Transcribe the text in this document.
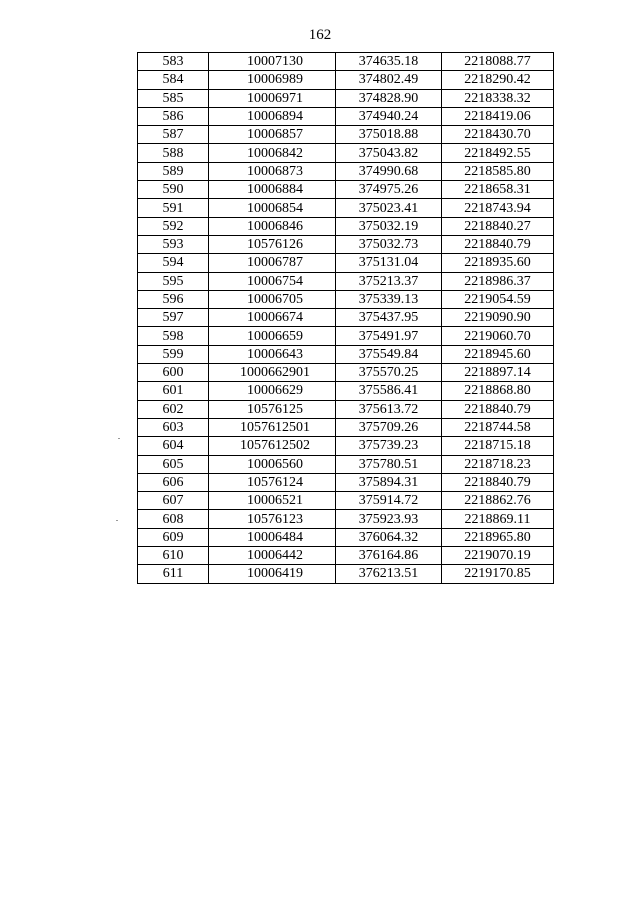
162
583	10007130	374635.18	2218088.77
584	10006989	374802.49	2218290.42
585	10006971	374828.90	2218338.32
586	10006894	374940.24	2218419.06
587	10006857	375018.88	2218430.70
588	10006842	375043.82	2218492.55
589	10006873	374990.68	2218585.80
590	10006884	374975.26	2218658.31
591	10006854	375023.41	2218743.94
592	10006846	375032.19	2218840.27
593	10576126	375032.73	2218840.79
594	10006787	375131.04	2218935.60
595	10006754	375213.37	2218986.37
596	10006705	375339.13	2219054.59
597	10006674	375437.95	2219090.90
598	10006659	375491.97	2219060.70
599	10006643	375549.84	2218945.60
600	1000662901	375570.25	2218897.14
601	10006629	375586.41	2218868.80
602	10576125	375613.72	2218840.79
603	1057612501	375709.26	2218744.58
604	1057612502	375739.23	2218715.18
605	10006560	375780.51	2218718.23
606	10576124	375894.31	2218840.79
607	10006521	375914.72	2218862.76
608	10576123	375923.93	2218869.11
609	10006484	376064.32	2218965.80
610	10006442	376164.86	2219070.19
611	10006419	376213.51	2219170.85
